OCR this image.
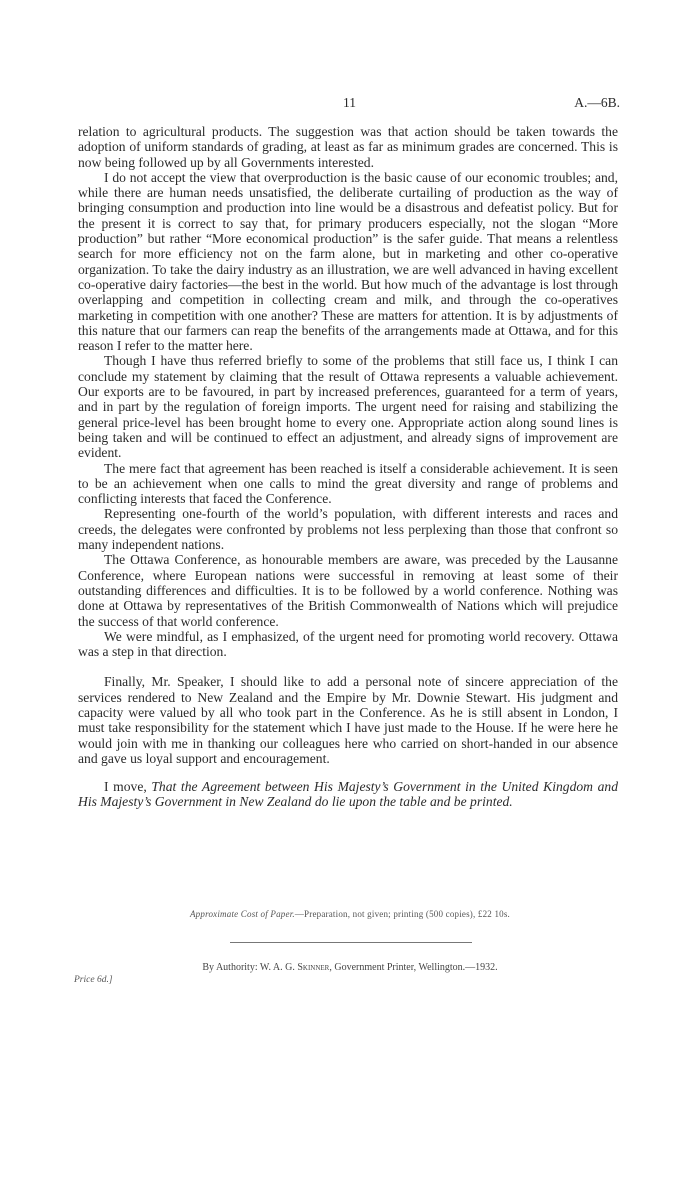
11	A.—6B.

relation to agricultural products. The suggestion was that action should be taken towards the adoption of uniform standards of grading, at least as far as minimum grades are concerned. This is now being followed up by all Governments interested.

I do not accept the view that overproduction is the basic cause of our economic troubles; and, while there are human needs unsatisfied, the deliberate curtailing of production as the way of bringing consumption and production into line would be a disastrous and defeatist policy. But for the present it is correct to say that, for primary producers especially, not the slogan “More production” but rather “More economical production” is the safer guide. That means a relentless search for more efficiency not on the farm alone, but in marketing and other co-operative organization. To take the dairy industry as an illustration, we are well advanced in having excellent co-operative dairy factories—the best in the world. But how much of the advantage is lost through overlapping and competition in collecting cream and milk, and through the co-operatives marketing in competition with one another? These are matters for attention. It is by adjustments of this nature that our farmers can reap the benefits of the arrangements made at Ottawa, and for this reason I refer to the matter here.

Though I have thus referred briefly to some of the problems that still face us, I think I can conclude my statement by claiming that the result of Ottawa represents a valuable achievement. Our exports are to be favoured, in part by increased preferences, guaranteed for a term of years, and in part by the regulation of foreign imports. The urgent need for raising and stabilizing the general price-level has been brought home to every one. Appropriate action along sound lines is being taken and will be continued to effect an adjustment, and already signs of improvement are evident.

The mere fact that agreement has been reached is itself a considerable achievement. It is seen to be an achievement when one calls to mind the great diversity and range of problems and conflicting interests that faced the Conference.

Representing one-fourth of the world’s population, with different interests and races and creeds, the delegates were confronted by problems not less perplexing than those that confront so many independent nations.

The Ottawa Conference, as honourable members are aware, was preceded by the Lausanne Conference, where European nations were successful in removing at least some of their outstanding differences and difficulties. It is to be followed by a world conference. Nothing was done at Ottawa by representatives of the British Commonwealth of Nations which will prejudice the success of that world conference.

We were mindful, as I emphasized, of the urgent need for promoting world recovery. Ottawa was a step in that direction.

Finally, Mr. Speaker, I should like to add a personal note of sincere appreciation of the services rendered to New Zealand and the Empire by Mr. Downie Stewart. His judgment and capacity were valued by all who took part in the Conference. As he is still absent in London, I must take responsibility for the statement which I have just made to the House. If he were here he would join with me in thanking our colleagues here who carried on short-handed in our absence and gave us loyal support and encouragement.

I move, That the Agreement between His Majesty’s Government in the United Kingdom and His Majesty’s Government in New Zealand do lie upon the table and be printed.

Approximate Cost of Paper.—Preparation, not given; printing (500 copies), £22 10s.
By Authority: W. A. G. Skinner, Government Printer, Wellington.—1932.
Price 6d.]
